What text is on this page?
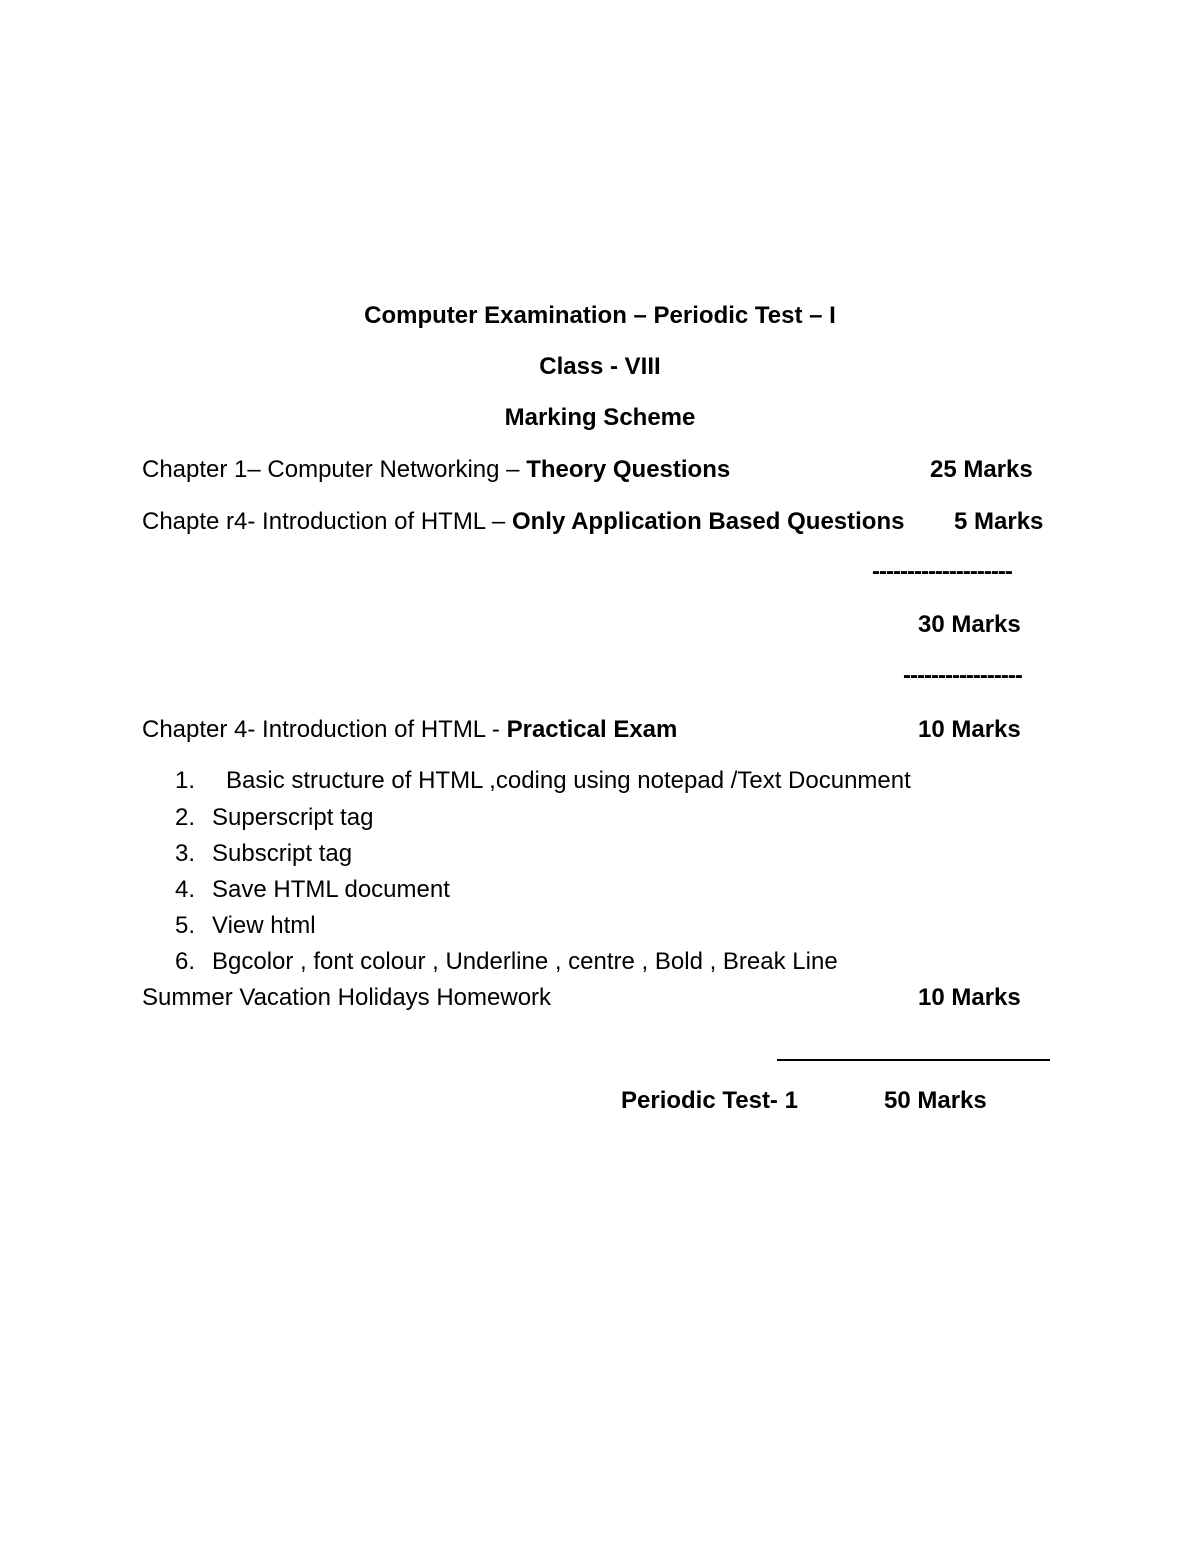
Computer Examination – Periodic Test – I
Class - VIII
Marking Scheme
Chapter 1– Computer Networking – Theory Questions	25 Marks
Chapte r4- Introduction of HTML – Only Application Based Questions 5 Marks
--------------------
30 Marks
-----------------
Chapter 4- Introduction of HTML - Practical Exam	10 Marks
1. Basic structure of HTML ,coding using notepad /Text Docunment
2. Superscript tag
3. Subscript tag
4. Save HTML document
5. View html
6. Bgcolor , font colour , Underline , centre , Bold , Break Line
Summer Vacation Holidays Homework	10 Marks
Periodic Test- 1	50 Marks
